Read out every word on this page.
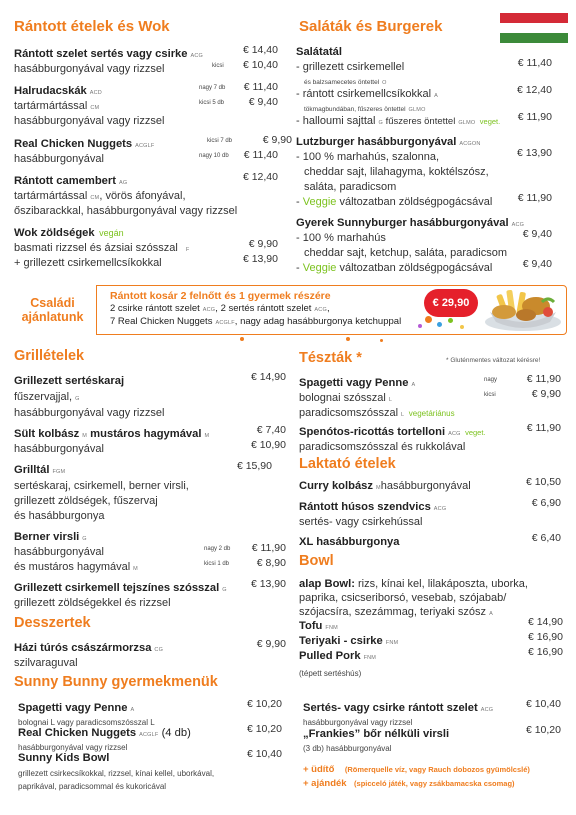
Rántott ételek és Wok
Rántott szelet sertés vagy csirke ACG	€ 14,40
hasábburgonyával vagy rizzsel	kicsi € 10,40
Halrudacskák ACD
nagy 7 db € 11,40
tartármártással CM
kicsi 5 db € 9,40
hasábburgonyával vagy rizzsel
Real Chicken Nuggets ACGLF
kicsi 7 db	€ 9,90
hasábburgonyával	nagy 10 db € 11,40
Rántott camembert AG	€ 12,40
tartármártással CM, vörös áfonyával,
őszibarackkal, hasábburgonyával vagy rizzsel
Wok zöldségek vegán
basmati rizzsel és ázsiai szósszal F	€ 9,90
+ grillezett csirkemellcsíkokkal	€ 13,90
Saláták és Burgerek
Salátatál
- grillezett csirkemellel	€ 11,40
és balzsamecetes öntettel O
- rántott csirkemellcsíkokkal A	€ 12,40
tökmagbundában, fűszeres öntettel GLMO
- halloumi sajttal G fűszeres öntettel GLMO veget. € 11,90
Lutzburger hasábburgonyával ACGON
- 100 % marhahús, szalonna,	€ 13,90
cheddar sajt, lilahagyma, koktélszósz,
saláta, paradicsom
- Veggie változatban zöldségpogácsával € 11,90
Gyerek Sunnyburger hasábburgonyával ACG
- 100 % marhahús	€ 9,40
cheddar sajt, ketchup, saláta, paradicsom
- Veggie változatban zöldségpogácsával	€ 9,40
Családi ajánlatunk
Rántott kosár 2 felnőtt és 1 gyermek részére
2 csirke rántott szelet ACG, 2 sertés rántott szelet ACG,
7 Real Chicken Nuggets ACGLF, nagy adag hasábburgonya ketchuppal
€ 29,90
Grillételek
Grillezett sertéskaraj	€ 14,90
fűszervajjal, G
hasábburgonyával vagy rizzsel
Sült kolbász M mustáros hagymával M	€ 7,40
hasábburgonyával	€ 10,90
Grilltál FGM	€ 15,90
sertéskaraj, csirkemell, berner virsli,
grillezett zöldségek, fűszervaj
és hasábburgonya
Berner virsli G
hasábburgonyával	nagy 2 db € 11,90
és mustáros hagymával M
kicsi 1 db	€ 8,90
Grillezett csirkemell tejszínes szósszal G € 13,90
grillezett zöldségekkel és rizzsel
Desszertek
Házi túrós császármorzsa CG	€ 9,90
szilvaraguval
Sunny Bunny gyermekmenük
Spagetti vagy Penne A	€ 10,20
bolognai L vagy paradicsomszósszal L
Real Chicken Nuggets ACGLF (4 db)	€ 10,20
hasábburgonyával vagy rizzsel
Sunny Kids Bowl	€ 10,40
grillezett csirkecsíkokkal, rizzsel, kínai kellel, uborkával,
paprikával, paradicsommal és kukoricával
Tészták *	* Gluténmentes változat kérésre!
Spagetti vagy Penne A
nagy	€ 11,90
bolognai szósszal L
kicsi	€ 9,90
paradicsomszósszal L vegetáriánus
Spenótos-ricottás tortelloni ACG veget.	€ 11,90
paradicsomszósszal és rukkolával
Laktató ételek
Curry kolbász Mhasábburgonyával	€ 10,50
Rántott húsos szendvics ACG	€ 6,90
sertés- vagy csirkehússal
XL hasábburgonya	€ 6,40
Bowl
alap Bowl: rizs, kínai kel, lilakáposzta, uborka,
paprika, csicseriborsó, vesebab, szójabab/
szójacsíra, szezámmag, teriyaki szósz A
Tofu FNM	€ 14,90
Teriyaki - csirke FNM	€ 16,90
Pulled Pork FNM	€ 16,90
(tépett sertéshús)
Sertés- vagy csirke rántott szelet ACG	€ 10,40
hasábburgonyával vagy rizzsel
„Frankies” bőr nélküli virsli	€ 10,20
(3 db) hasábburgonyával
+ üdítő (Römerquelle víz, vagy Rauch dobozos gyümölcslé)
+ ajándék (spicceló játék, vagy zsákbamacska csomag)
